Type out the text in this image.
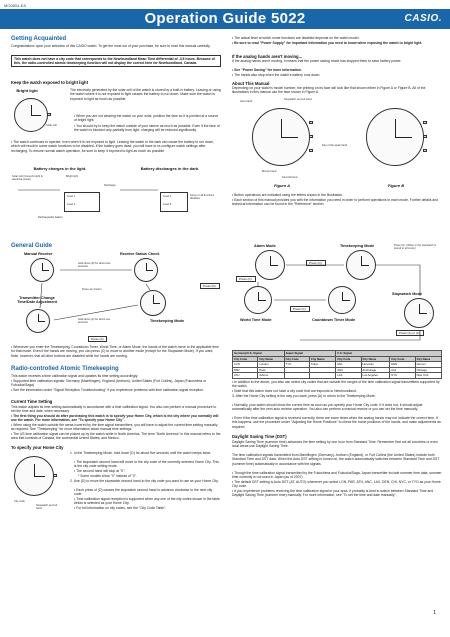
MO0804-EA
Operation Guide 5022	CASIO.
Getting Acquainted
Congratulations upon your selection of this CASIO watch. To get the most out of your purchase, be sure to read this manual carefully.
This watch does not have a city code that corresponds to the Newfoundland Mean Time differential of -3.5 hours. Because of this, the radio-controlled atomic timekeeping function will not display the correct time for Newfoundland, Canada.
Keep the watch exposed to bright light
Bright light
Solar cell
The electricity generated by the solar cell of the watch is stored by a built-in battery. Leaving or using the watch where it is not exposed to light causes the battery to run down. Make sure the watch is exposed to light as much as possible.
• When you are not wearing the watch on your wrist, position the face so it is pointed at a source of bright light.
• You should try to keep the watch outside of your sleeve as much as possible. Even if the face of the watch is blocked only partially from light, charging will be reduced significantly.
• The watch continues to operate, even when it is not exposed to light. Leaving the watch in the dark can cause the battery to run down, which will result in some watch functions to be disabled. If the battery goes dead, you will have to re-configure watch settings after recharging. To ensure normal watch operation, be sure to keep it exposed to light as much as possible.
Battery charges in the light.	Battery discharges in the dark.
Solar cell (Converts light to electrical power)
Bright light
Discharge
Level 1
Level 2
Level 4
Level 5
Some or all functions disabled
Rechargeable battery
General Guide
Manual Receive	Receive Status Check
Hold down (D) for about two seconds.
Press any button.
Press (D).
Transmitter Change Time/Date Adjustment
Timekeeping Mode
Hold down (A) for about two seconds.
Press (A).
• Whenever you enter the Timekeeping, Countdown Timer, World Time, or Alarm Mode, the hands of the watch move to the applicable time for that mode. Even if the hands are moving, you can press (C) to move to another mode (except for the Stopwatch Mode). If you want, Note, however, that all other buttons are disabled while the hands are moving.
Radio-controlled Atomic Timekeeping
This watch receives a time calibration signal and updates its time setting accordingly.
• Supported time calibration signals: Germany (Mainflingen), England (Anthorn), United States (Fort Collins), Japan (Fukushima or Fukuoka/Saga)
• See the information under "Signal Reception Troubleshooting" if you experience problems with time calibration signal reception.
Current Time Setting
This watch adjusts its time setting automatically in accordance with a time calibration signal. You also can perform a manual procedure to set the time and date, when necessary.
• The first thing you should do after purchasing this watch is to specify your Home City, which is the city where you normally will use the watch. For more information, see "To specify your Home City".
• When using the watch outside the areas covered by the time signal transmitters, you will have to adjust the current time setting manually as required. See "Timekeeping" for more information about manual time settings.
• The US time calibration signal can be picked up by the watch while in North America. The term "North America" in this manual refers to the area that consists of Canada, the continental United States, and Mexico.
To specify your Home City
City code
Stopwatch second hand
1. In the Timekeeping Mode, hold down (D) for about five seconds until the watch beeps twice.
• The stopwatch second hand will move to the city code of the currently selected Home City. This is the city code setting mode.
• The second hand will stop at "0".
* Some models show "0" instead of "0".
2. Use (D) to move the stopwatch second hand to the city code you want to use as your Home City.
• Each press of (D) causes the stopwatch second hand to advance clockwise to the next city code.
• Time calibration signal reception is supported when any one of the city codes shown in the table below is selected as your Home City.
• For full information on city codes, see the "City Code Table".
• The actual level at which some functions are disabled depends on the watch model.
• Be sure to read "Power Supply" for important information you need to know when exposing the watch to bright light.
If the analog hands aren't moving...
If the analog hands aren't moving, it means that the power saving mode has stopped them to save battery power.
• See "Power Saving" for more information.
• The hands also stop when the watch's battery runs down.
About This Manual
Depending on your watch's model number, the printing on its face will look like that shown either in Figure A or Figure B. All of the illustrations in this manual use the face shown in Figure A.
Hour hand
Stopwatch second hand
Day of the week hand
Minute hand
Second hand
Figure A	Figure B
• Button operations are indicated using the letters shown in the illustration.
• Each section of this manual provides you with the information you need in order to perform operations in each mode. Further details and technical information can be found in the "Reference" section.
Alarm Mode	Timekeeping Mode
Stopwatch Mode
World Time Mode	Countdown Timer Mode
Press (C).
Press (C). (When in the stopwatch is stored to all zeros.)
Press (C).
Press (C).
Press (A) or (C).
Germany/U.K. Signal		Japan Signal		U.S. Signal			
City Code	City Name	City Code	City Name	City Code	City Name	City Code	City Name
LON	London	TYO	Tokyo	HNL	Honolulu	DEN	Denver
PAR	Paris			ANC	Anchorage	CHI	Chicago
ATH	Athens			LAX	Los Angeles	NYC	New York
• In addition to the above, you also can select city codes that are outside the ranges of the time calibration signal transmitters supported by the watch.
• Note that this watch does not have a city code that corresponds to Newfoundland.
3. After the Home City setting is the way you want, press (A) to return to the Timekeeping Mode.
• Normally, your watch should show the correct time as soon as you specify your Home City code. If it does not, it should adjust automatically after the next auto receive operation. You also can perform a manual receive or you can set the time manually.
• Even if the time calibration signal is received correctly, there are some times when the analog hands may not indicate the correct time. If this happens, use the procedure under "Adjusting the Home Positions" to check the home positions of the hands, and make adjustments as required.
Daylight Saving Time (DST)
Daylight Saving Time (summer time) advances the time setting by one hour from Standard Time. Remember that not all countries or even local areas use Daylight Saving Time.
The time calibration signals transmitted from Mainflingen (Germany), Anthorn (England), or Fort Collins (the United States) include both Standard Time and DST data. When the Auto DST setting is turned on, the watch automatically switches between Standard Time and DST (summer time) automatically in accordance with the signals.
• Though the time calibration signal transmitted by the Fukushima and Fukuoka/Saga, Japan transmitter include summer time data, summer time currently is not used in Japan (as of 2007).
• The default DST setting is Auto DST (AT, AUTO) whenever you select LON, PAR, ATH, ANC, LAX, DEN, CHI, NYC, or TYO as your Home City code.
• If you experience problems receiving the time calibration signal in your area, it probably is best to switch between Standard Time and Daylight Saving Time (summer time) manually. For more information, see "To set the time and date manually".
1
